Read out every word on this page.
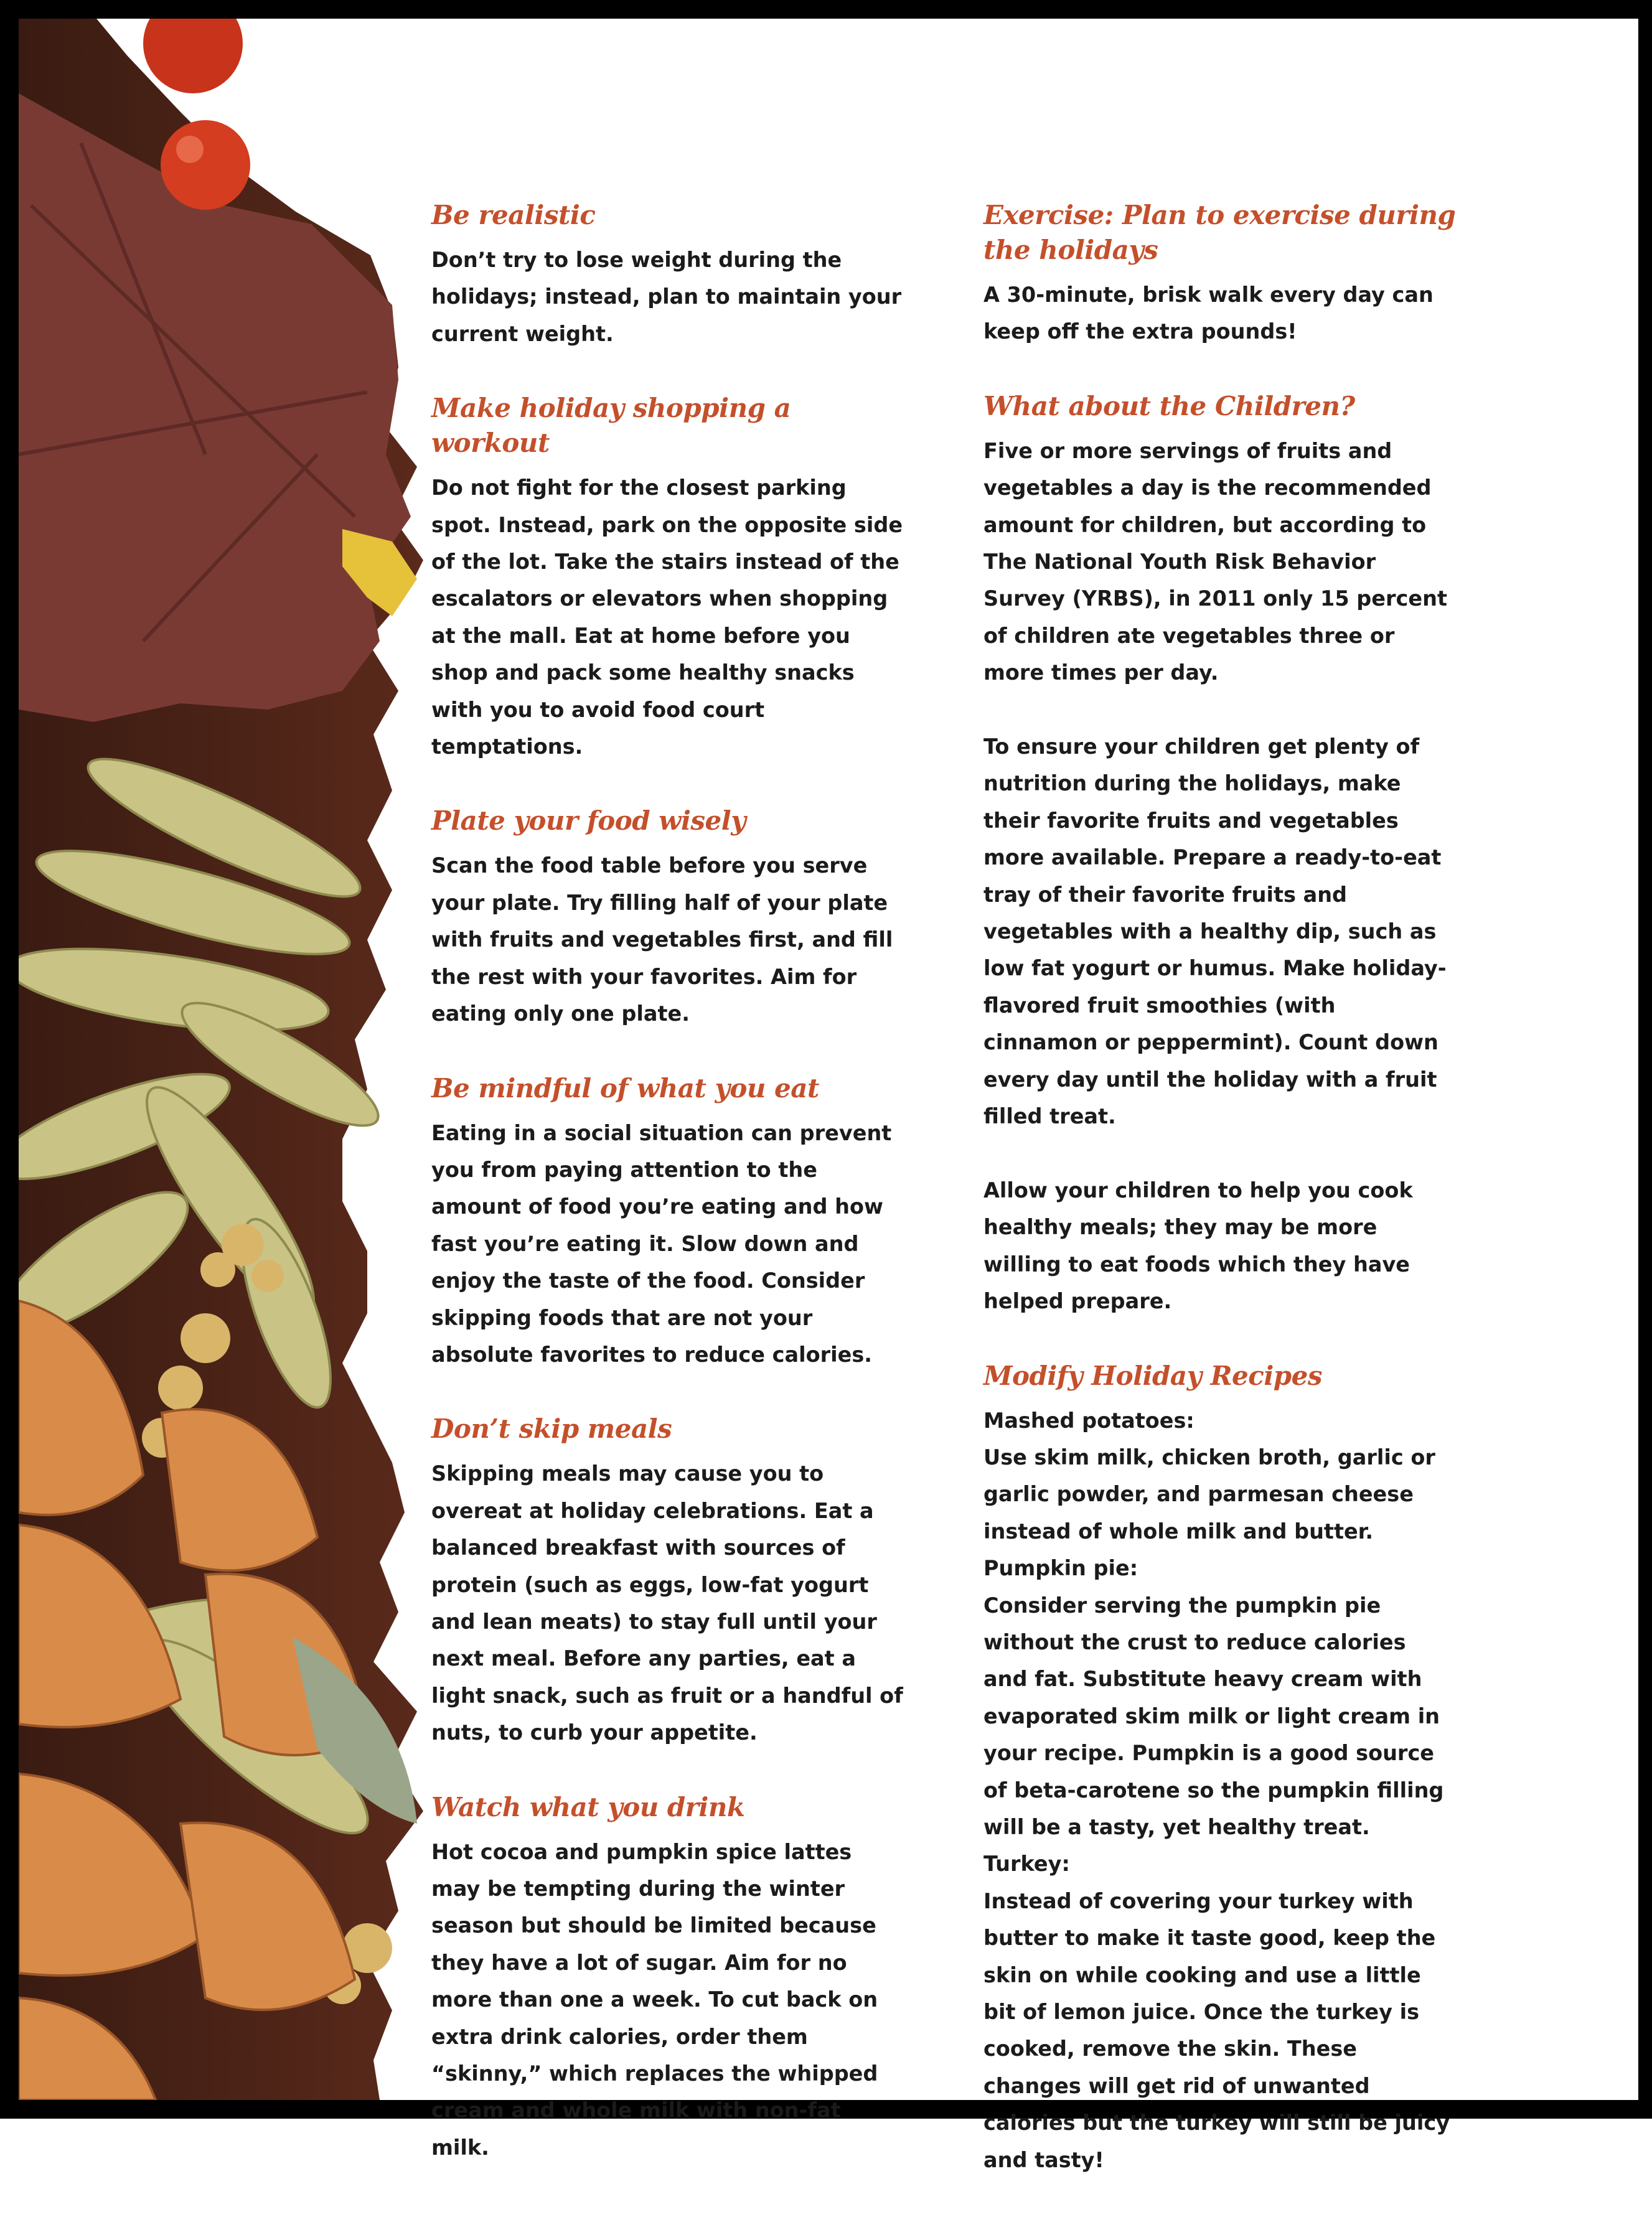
Be realistic

Don’t try to lose weight during the holidays; instead, plan to maintain your current weight.

Make holiday shopping a workout

Do not fight for the closest parking spot. Instead, park on the opposite side of the lot. Take the stairs instead of the escalators or elevators when shopping at the mall. Eat at home before you shop and pack some healthy snacks with you to avoid food court temptations.

Plate your food wisely

Scan the food table before you serve your plate. Try filling half of your plate with fruits and vegetables first, and fill the rest with your favorites. Aim for eating only one plate.

Be mindful of what you eat

Eating in a social situation can prevent you from paying attention to the amount of food you’re eating and how fast you’re eating it. Slow down and enjoy the taste of the food. Consider skipping foods that are not your absolute favorites to reduce calories.

Don’t skip meals

Skipping meals may cause you to overeat at holiday celebrations. Eat a balanced breakfast with sources of protein (such as eggs, low-fat yogurt and lean meats) to stay full until your next meal. Before any parties, eat a light snack, such as fruit or a handful of nuts, to curb your appetite.

Watch what you drink

Hot cocoa and pumpkin spice lattes may be tempting during the winter season but should be limited because they have a lot of sugar. Aim for no more than one a week. To cut back on extra drink calories, order them “skinny,” which replaces the whipped cream and whole milk with non-fat milk.

Exercise: Plan to exercise during the holidays

A 30-minute, brisk walk every day can keep off the extra pounds!

What about the Children?

Five or more servings of fruits and vegetables a day is the recommended amount for children, but according to The National Youth Risk Behavior Survey (YRBS), in 2011 only 15 percent of children ate vegetables three or more times per day.

To ensure your children get plenty of nutrition during the holidays, make their favorite fruits and vegetables more available. Prepare a ready-to-eat tray of their favorite fruits and vegetables with a healthy dip, such as low fat yogurt or humus. Make holiday-flavored fruit smoothies (with cinnamon or peppermint). Count down every day until the holiday with a fruit filled treat.

Allow your children to help you cook healthy meals; they may be more willing to eat foods which they have helped prepare.

Modify Holiday Recipes

Mashed potatoes:

Use skim milk, chicken broth, garlic or garlic powder, and parmesan cheese instead of whole milk and butter.

Pumpkin pie:

Consider serving the pumpkin pie without the crust to reduce calories and fat. Substitute heavy cream with evaporated skim milk or light cream in your recipe. Pumpkin is a good source of beta-carotene so the pumpkin filling will be a tasty, yet healthy treat.

Turkey:

Instead of covering your turkey with butter to make it taste good, keep the skin on while cooking and use a little bit of lemon juice. Once the turkey is cooked, remove the skin. These changes will get rid of unwanted calories but the turkey will still be juicy and tasty!
